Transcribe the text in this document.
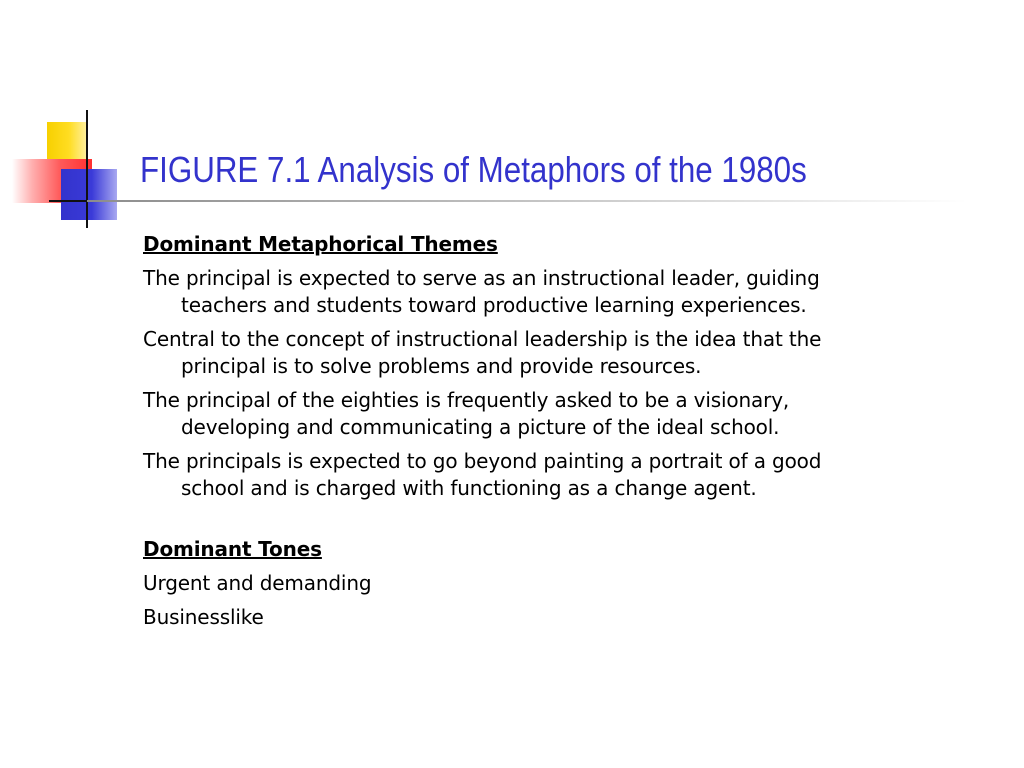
FIGURE 7.1 Analysis of Metaphors of the 1980s

Dominant Metaphorical Themes

The principal is expected to serve as an instructional leader, guiding
teachers and students toward productive learning experiences.

Central to the concept of instructional leadership is the idea that the
principal is to solve problems and provide resources.

The principal of the eighties is frequently asked to be a visionary,
developing and communicating a picture of the ideal school.

The principals is expected to go beyond painting a portrait of a good
school and is charged with functioning as a change agent.

Dominant Tones

Urgent and demanding

Businesslike
